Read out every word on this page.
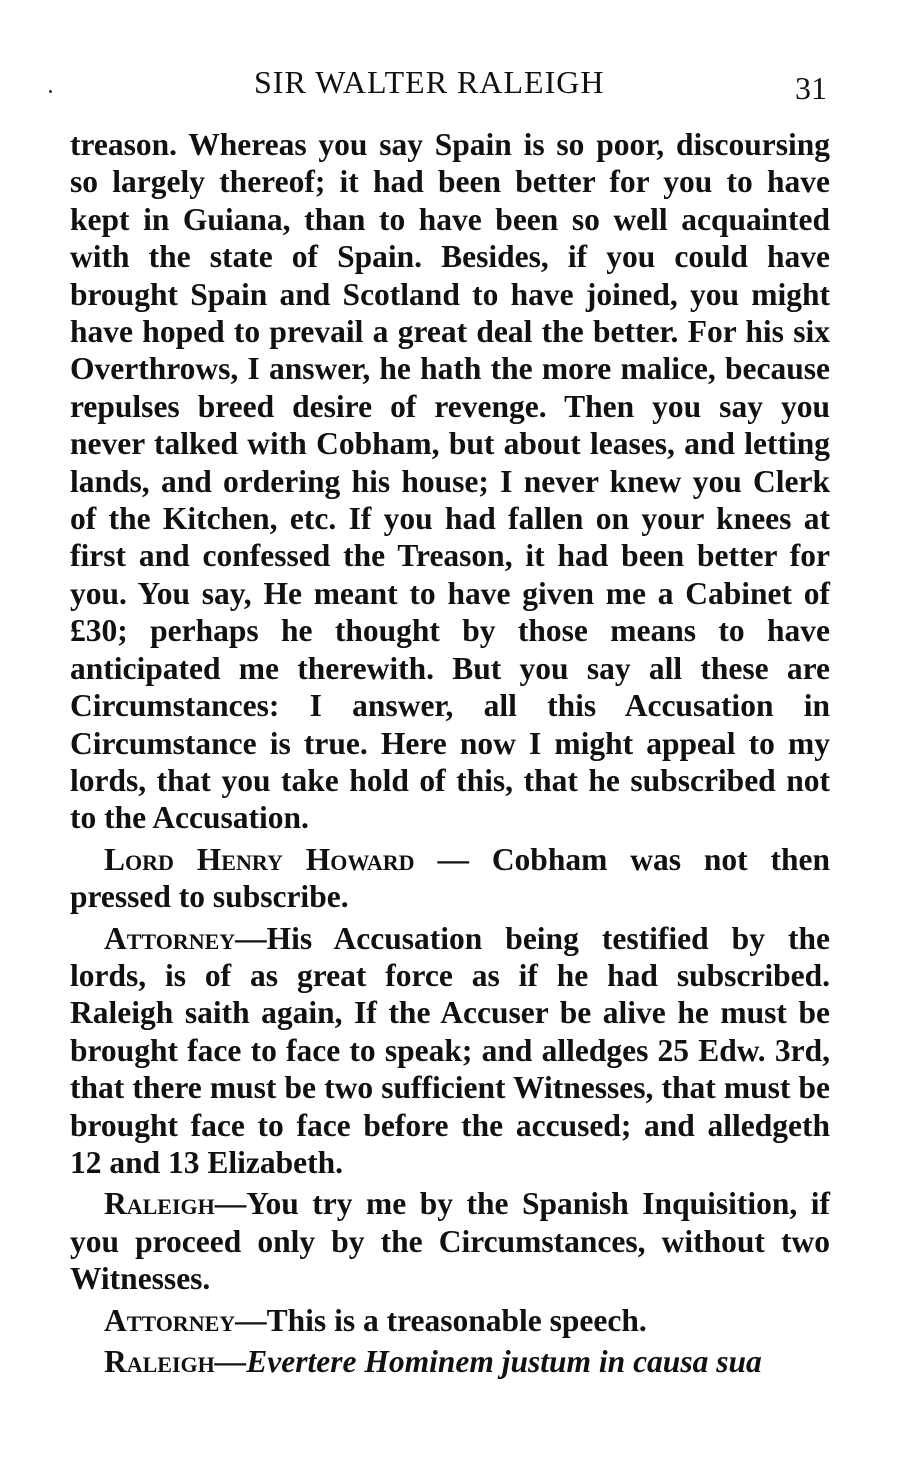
SIR WALTER RALEIGH	31

treason. Whereas you say Spain is so poor, discoursing so largely thereof; it had been better for you to have kept in Guiana, than to have been so well acquainted with the state of Spain. Besides, if you could have brought Spain and Scotland to have joined, you might have hoped to prevail a great deal the better. For his six Overthrows, I answer, he hath the more malice, because repulses breed desire of revenge. Then you say you never talked with Cobham, but about leases, and letting lands, and ordering his house; I never knew you Clerk of the Kitchen, etc. If you had fallen on your knees at first and confessed the Treason, it had been better for you. You say, He meant to have given me a Cabinet of £30; perhaps he thought by those means to have anticipated me therewith. But you say all these are Circumstances: I answer, all this Accusation in Circumstance is true. Here now I might appeal to my lords, that you take hold of this, that he subscribed not to the Accusation.

Lord Henry Howard — Cobham was not then pressed to subscribe.

Attorney—His Accusation being testified by the lords, is of as great force as if he had subscribed. Raleigh saith again, If the Accuser be alive he must be brought face to face to speak; and alledges 25 Edw. 3rd, that there must be two sufficient Witnesses, that must be brought face to face before the accused; and alledgeth 12 and 13 Elizabeth.

Raleigh—You try me by the Spanish Inquisition, if you proceed only by the Circumstances, without two Witnesses.

Attorney—This is a treasonable speech.

Raleigh—Evertere Hominem justum in causa sua
